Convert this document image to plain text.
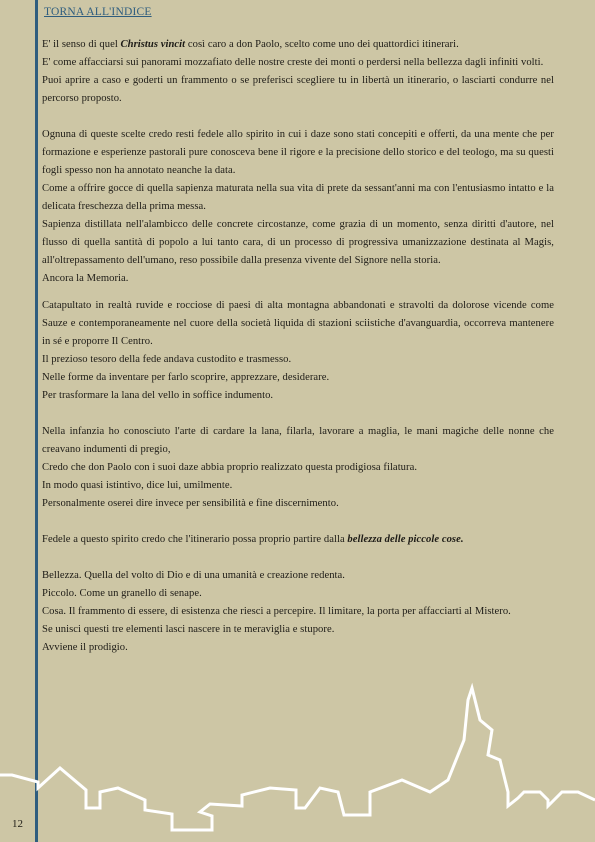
TORNA ALL'INDICE

E' il senso di quel Christus vincit così caro a don Paolo, scelto come uno dei quattordici itinerari.

E' come affacciarsi sui panorami mozzafiato delle nostre creste dei monti o perdersi nella bellezza dagli infiniti volti.

Puoi aprire a caso e goderti un frammento o se preferisci scegliere tu in libertà un itinerario, o lasciarti condurre nel percorso proposto.

Ognuna di queste scelte credo resti fedele allo spirito in cui i daze sono stati concepiti e offerti, da una mente che per formazione e esperienze pastorali pure conosceva bene il rigore e la precisione dello storico e del teologo, ma su questi fogli spesso non ha annotato neanche la data.

Come a offrire gocce di quella sapienza maturata nella sua vita di prete da sessant'anni ma con l'entusiasmo intatto e la delicata freschezza della prima messa.

Sapienza distillata nell'alambicco delle concrete circostanze, come grazia di un momento, senza diritti d'autore, nel flusso di quella santità di popolo a lui tanto cara, di un processo di progressiva umanizzazione destinata al Magis, all'oltrepassamento dell'umano, reso possibile dalla presenza vivente del Signore nella storia.

Ancora la Memoria.

Catapultato in realtà ruvide e rocciose di paesi di alta montagna abbandonati e stravolti da dolorose vicende come Sauze e contemporaneamente nel cuore della società liquida di stazioni sciistiche d'avanguardia, occorreva mantenere in sé e proporre Il Centro.

Il prezioso tesoro della fede andava custodito e trasmesso.

Nelle forme da inventare per farlo scoprire, apprezzare, desiderare.

Per trasformare la lana del vello in soffice indumento.

Nella infanzia ho conosciuto l'arte di cardare la lana, filarla, lavorare a maglia, le mani magiche delle nonne che creavano indumenti di pregio,

Credo che don Paolo con i suoi daze abbia proprio realizzato questa prodigiosa filatura.

In modo quasi istintivo, dice lui, umilmente.

Personalmente oserei dire invece per sensibilità e fine discernimento.

Fedele a questo spirito credo che l'itinerario possa proprio partire dalla bellezza delle piccole cose.

Bellezza. Quella del volto di Dio e di una umanità e creazione redenta.

Piccolo. Come un granello di senape.

Cosa. Il frammento di essere, di esistenza che riesci a percepire. Il limitare, la porta per affacciarti al Mistero.

Se unisci questi tre elementi lasci nascere in te meraviglia e stupore.

Avviene il prodigio.

12
